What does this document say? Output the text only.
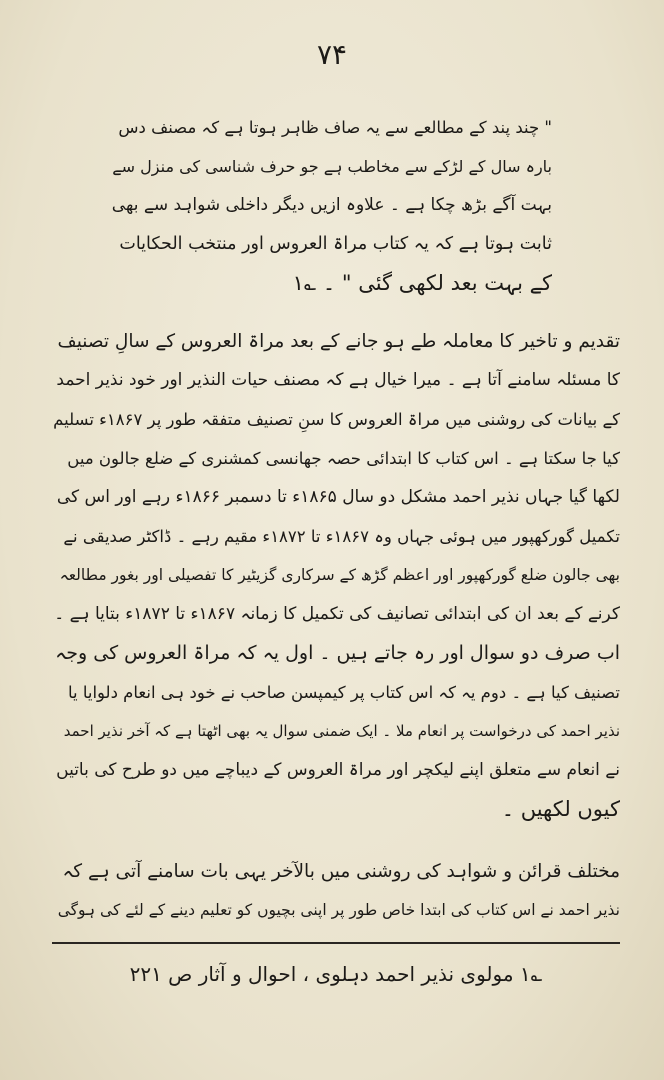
۷۴
" چند پند کے مطالعے سے یہ صاف ظاہر ہوتا ہے کہ مصنف دس
بارہ سال کے لڑکے سے مخاطب ہے جو حرف شناسی کی منزل سے
بہت آگے بڑھ چکا ہے ۔ علاوہ ازیں دیگر داخلی شواہد سے بھی
ثابت ہوتا ہے کہ یہ کتاب مراۃ العروس اور منتخب الحکایات
کے بہت بعد لکھی گئی " ۔ ؎۱
تقدیم و تاخیر کا معاملہ طے ہو جانے کے بعد مراۃ العروس کے سالِ تصنیف
کا مسئلہ سامنے آتا ہے ۔ میرا خیال ہے کہ مصنف حیات النذیر اور خود نذیر احمد
کے بیانات کی روشنی میں مراۃ العروس کا سنِ تصنیف متفقہ طور پر ۱۸۶۷ء تسلیم
کیا جا سکتا ہے ۔ اس کتاب کا ابتدائی حصہ جھانسی کمشنری کے ضلع جالون میں
لکھا گیا جہاں نذیر احمد مشکل دو سال ۱۸۶۵ء تا دسمبر ۱۸۶۶ء رہے اور اس کی
تکمیل گورکھپور میں ہوئی جہاں وہ ۱۸۶۷ء تا ۱۸۷۲ء مقیم رہے ۔ ڈاکٹر صدیقی نے
بھی جالون ضلع گورکھپور اور اعظم گڑھ کے سرکاری گزیٹیر کا تفصیلی اور بغور مطالعہ
کرنے کے بعد ان کی ابتدائی تصانیف کی تکمیل کا زمانہ ۱۸۶۷ء تا ۱۸۷۲ء بتایا ہے ۔
اب صرف دو سوال اور رہ جاتے ہیں ۔ اول یہ کہ مراۃ العروس کی وجہ
تصنیف کیا ہے ۔ دوم یہ کہ اس کتاب پر کیمپسن صاحب نے خود ہی انعام دلوایا یا
نذیر احمد کی درخواست پر انعام ملا ۔ ایک ضمنی سوال یہ بھی اٹھتا ہے کہ آخر نذیر احمد
نے انعام سے متعلق اپنے لیکچر اور مراۃ العروس کے دیباچے میں دو طرح کی باتیں
کیوں لکھیں ۔
مختلف قرائن و شواہد کی روشنی میں بالآخر یہی بات سامنے آتی ہے کہ
نذیر احمد نے اس کتاب کی ابتدا خاص طور پر اپنی بچیوں کو تعلیم دینے کے لئے کی ہوگی
؎۱ مولوی نذیر احمد دہلوی ، احوال و آثار ص ۲۲۱
